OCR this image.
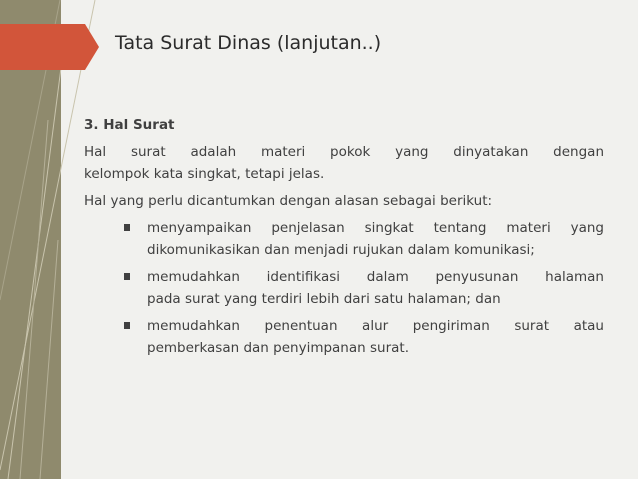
Tata Surat Dinas (lanjutan..)
3. Hal Surat
Hal surat adalah materi pokok yang dinyatakan dengan
kelompok kata singkat, tetapi jelas.
Hal yang perlu dicantumkan dengan alasan sebagai berikut:
menyampaikan penjelasan singkat tentang materi yang
dikomunikasikan dan menjadi rujukan dalam komunikasi;
memudahkan identifikasi dalam penyusunan halaman
pada surat yang terdiri lebih dari satu halaman; dan
memudahkan penentuan alur pengiriman surat atau
pemberkasan dan penyimpanan surat.
